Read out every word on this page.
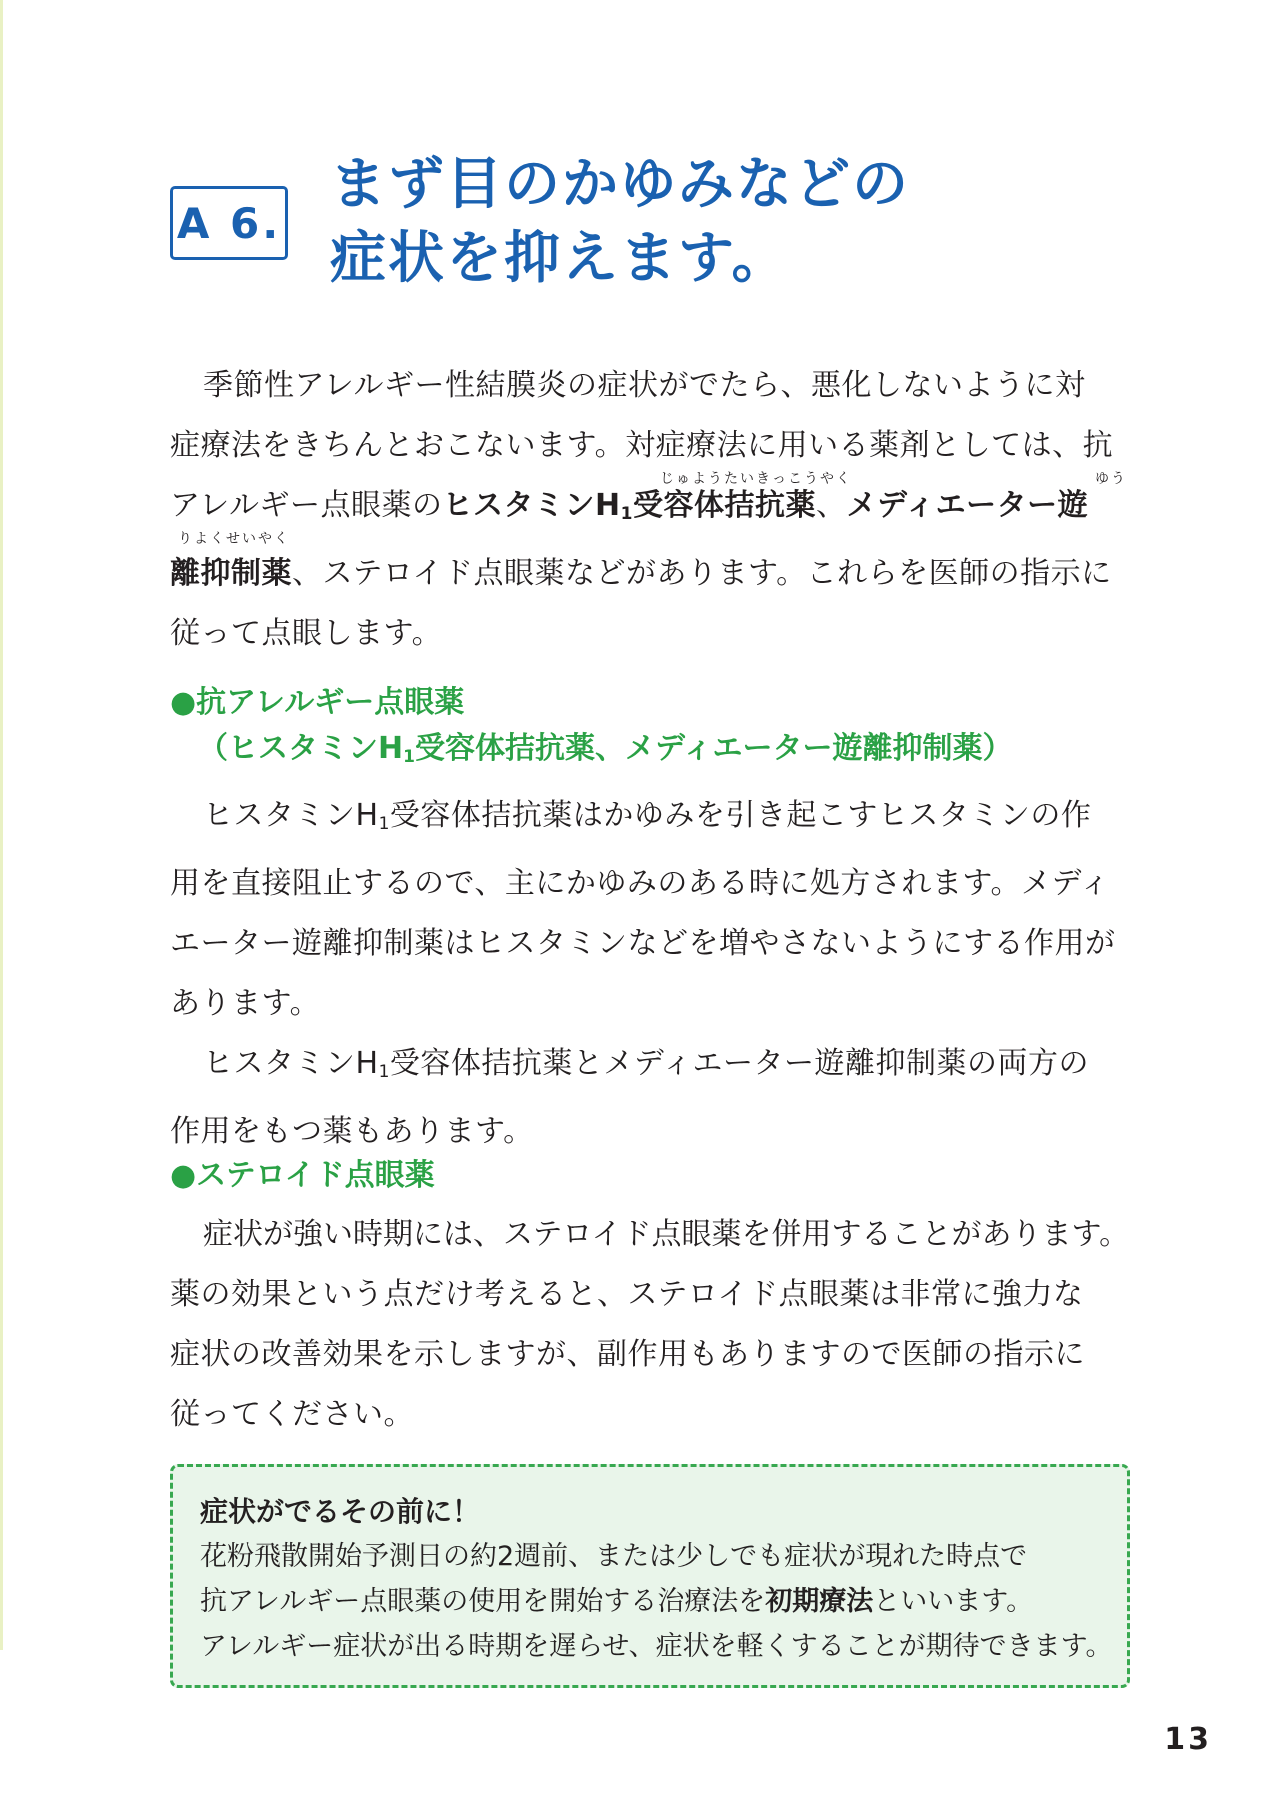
A 6.
まず目のかゆみなどの
症状を抑えます。

季節性アレルギー性結膜炎の症状がでたら、悪化しないように対

症療法をきちんとおこないます。対症療法に用いる薬剤としては、抗

アレルギー点眼薬のヒスタミン$H_1$受容体拮抗薬、メディエーター遊

離抑制薬、ステロイド点眼薬などがあります。これらを医師の指示に

従って点眼します。

じゅようたいきっこうやく	ゆう
りよくせいやく
●抗アレルギー点眼薬
（ヒスタミン$H_1$受容体拮抗薬、メディエーター遊離抑制薬）

ヒスタミン$H_1$受容体拮抗薬はかゆみを引き起こすヒスタミンの作

用を直接阻止するので、主にかゆみのある時に処方されます。メディ

エーター遊離抑制薬はヒスタミンなどを増やさないようにする作用が

あります。

ヒスタミン$H_1$受容体拮抗薬とメディエーター遊離抑制薬の両方の

作用をもつ薬もあります。

●ステロイド点眼薬

症状が強い時期には、ステロイド点眼薬を併用することがあります。

薬の効果という点だけ考えると、ステロイド点眼薬は非常に強力な

症状の改善効果を示しますが、副作用もありますので医師の指示に

従ってください。

症状がでるその前に！
花粉飛散開始予測日の約2週前、または少しでも症状が現れた時点で
抗アレルギー点眼薬の使用を開始する治療法を初期療法といいます。
アレルギー症状が出る時期を遅らせ、症状を軽くすることが期待できます。
13
